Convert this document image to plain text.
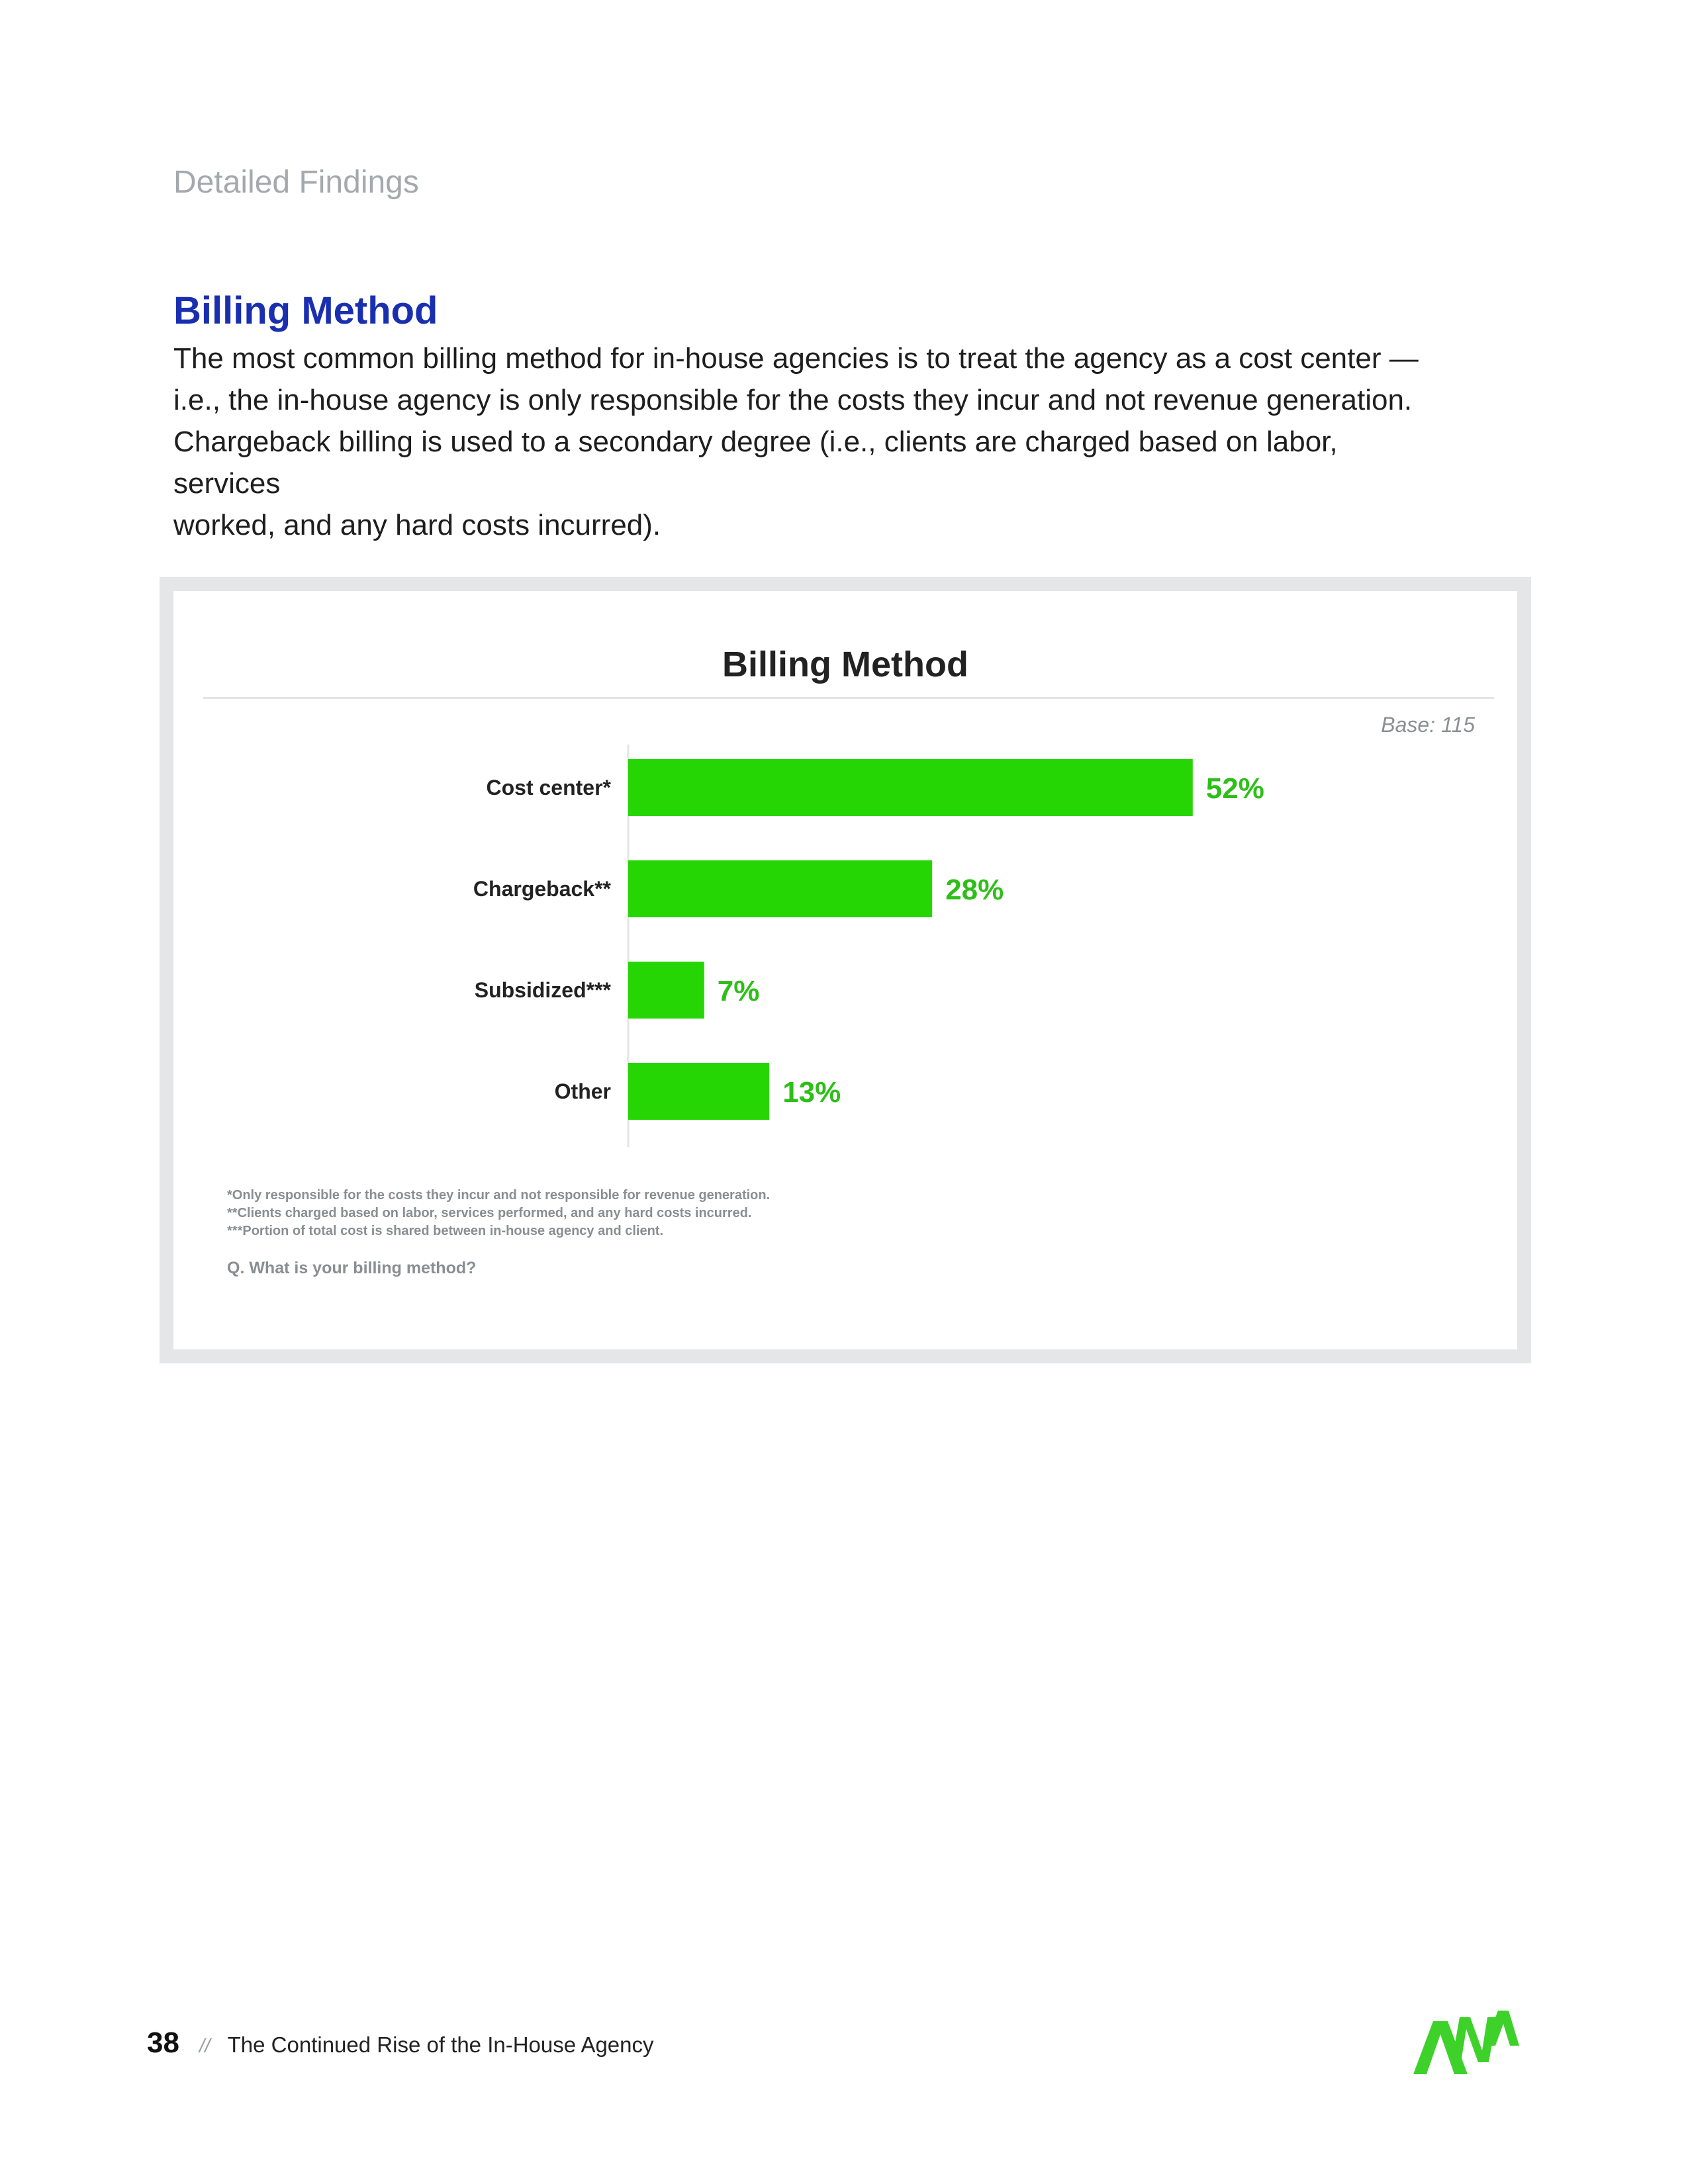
Detailed Findings
Billing Method

The most common billing method for in-house agencies is to treat the agency as a cost center —

i.e., the in-house agency is only responsible for the costs they incur and not revenue generation.

Chargeback billing is used to a secondary degree (i.e., clients are charged based on labor, services

worked, and any hard costs incurred).

Billing Method
Base: 115
Cost center*	52%
Chargeback**	28%
Subsidized***	7%
Other	13%
*Only responsible for the costs they incur and not responsible for revenue generation.
**Clients charged based on labor, services performed, and any hard costs incurred.
***Portion of total cost is shared between in-house agency and client.
Q. What is your billing method?
38 // The Continued Rise of the In-House Agency
